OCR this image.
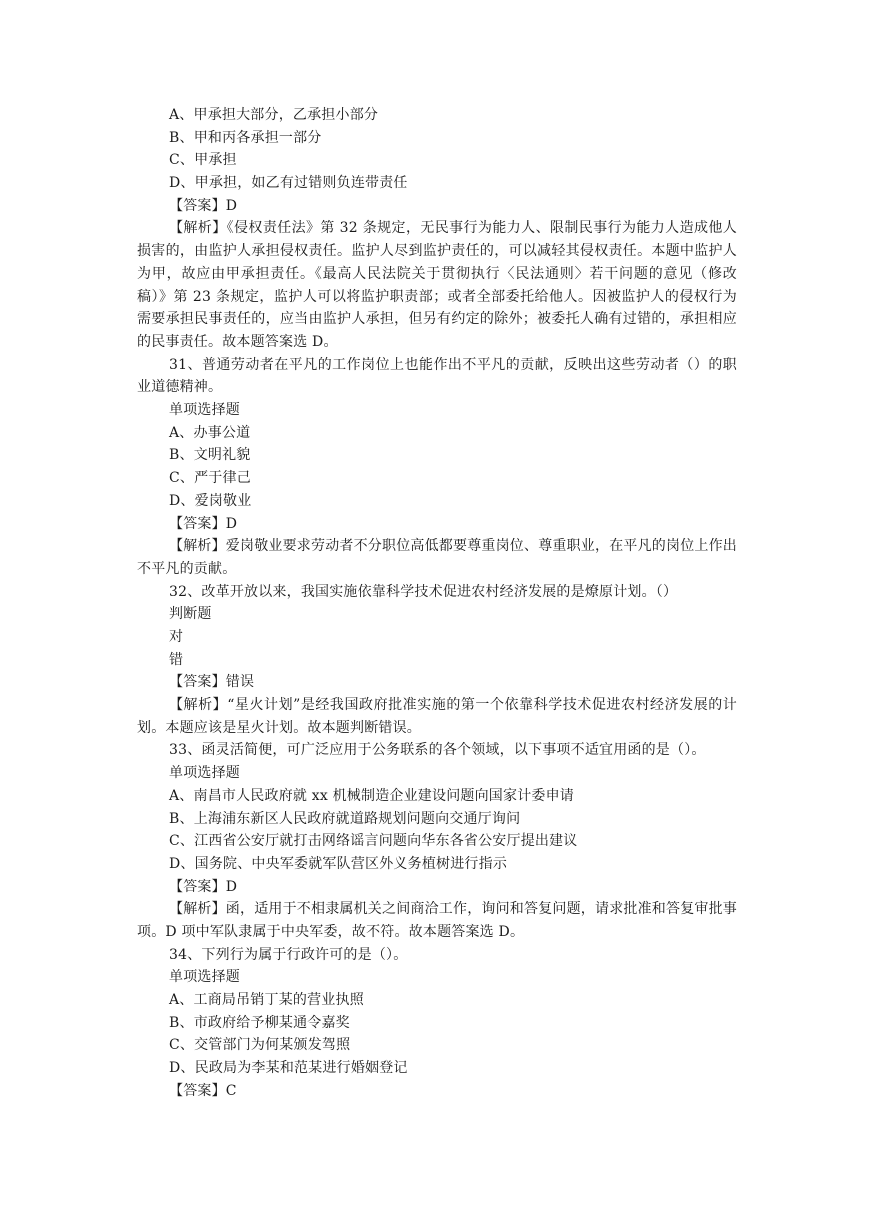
A、甲承担大部分，乙承担小部分
B、甲和丙各承担一部分
C、甲承担
D、甲承担，如乙有过错则负连带责任
【答案】D
【解析】《侵权责任法》第 32 条规定，无民事行为能力人、限制民事行为能力人造成他人损害的，由监护人承担侵权责任。监护人尽到监护责任的，可以减轻其侵权责任。本题中监护人为甲，故应由甲承担责任。《最高人民法院关于贯彻执行〈民法通则〉若干问题的意见（修改稿）》第 23 条规定，监护人可以将监护职责部；或者全部委托给他人。因被监护人的侵权行为需要承担民事责任的，应当由监护人承担，但另有约定的除外；被委托人确有过错的，承担相应的民事责任。故本题答案选 D。
31、普通劳动者在平凡的工作岗位上也能作出不平凡的贡献，反映出这些劳动者（）的职业道德精神。
单项选择题
A、办事公道
B、文明礼貌
C、严于律己
D、爱岗敬业
【答案】D
【解析】爱岗敬业要求劳动者不分职位高低都要尊重岗位、尊重职业，在平凡的岗位上作出不平凡的贡献。
32、改革开放以来，我国实施依靠科学技术促进农村经济发展的是燎原计划。（）
判断题
对
错
【答案】错误
【解析】“星火计划”是经我国政府批准实施的第一个依靠科学技术促进农村经济发展的计划。本题应该是星火计划。故本题判断错误。
33、函灵活简便，可广泛应用于公务联系的各个领域，以下事项不适宜用函的是（）。
单项选择题
A、南昌市人民政府就 xx 机械制造企业建设问题向国家计委申请
B、上海浦东新区人民政府就道路规划问题向交通厅询问
C、江西省公安厅就打击网络谣言问题向华东各省公安厅提出建议
D、国务院、中央军委就军队营区外义务植树进行指示
【答案】D
【解析】函，适用于不相隶属机关之间商洽工作，询问和答复问题，请求批准和答复审批事项。D 项中军队隶属于中央军委，故不符。故本题答案选 D。
34、下列行为属于行政许可的是（）。
单项选择题
A、工商局吊销丁某的营业执照
B、市政府给予柳某通令嘉奖
C、交管部门为何某颁发驾照
D、民政局为李某和范某进行婚姻登记
【答案】C
